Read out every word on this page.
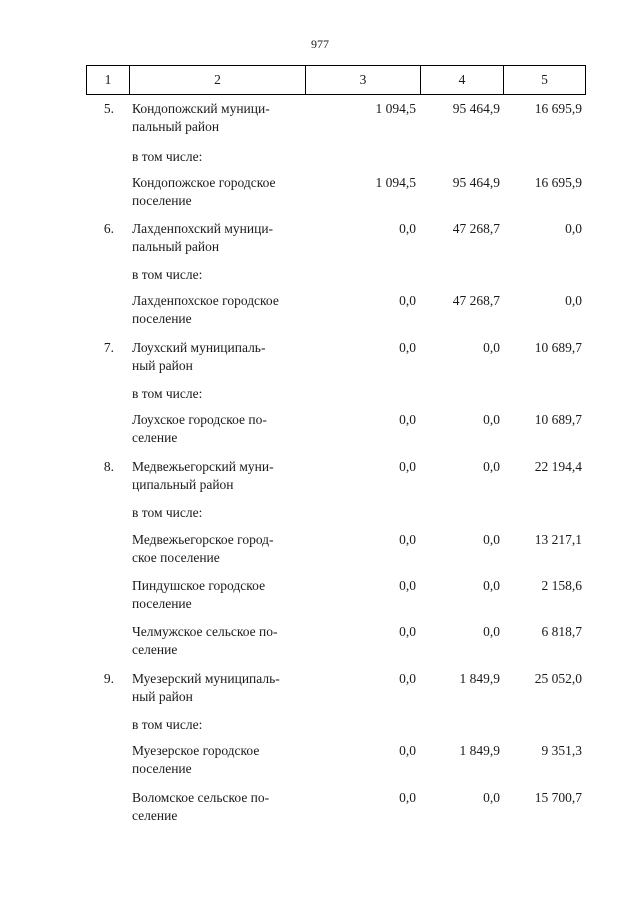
977
1	2	3	4	5
5. Кондопожский муници-
пальный район
1 094,5	95 464,9	16 695,9
в том числе:
Кондопожское городское
поселение
1 094,5	95 464,9	16 695,9
6. Лахденпохский муници-
пальный район
0,0	47 268,7	0,0
в том числе:
Лахденпохское городское
поселение
0,0	47 268,7	0,0
7. Лоухский муниципаль-
ный район
0,0	0,0	10 689,7
в том числе:
Лоухское городское по-
селение
0,0	0,0	10 689,7
8. Медвежьегорский муни-
ципальный район
0,0	0,0	22 194,4
в том числе:
Медвежьегорское город-
ское поселение
0,0	0,0	13 217,1
Пиндушское городское
поселение
0,0	0,0	2 158,6
Челмужское сельское по-
селение
0,0	0,0	6 818,7
9. Муезерский муниципаль-
ный район
0,0	1 849,9	25 052,0
в том числе:
Муезерское городское
поселение
0,0	1 849,9	9 351,3
Воломское сельское по-
селение
0,0	0,0	15 700,7
